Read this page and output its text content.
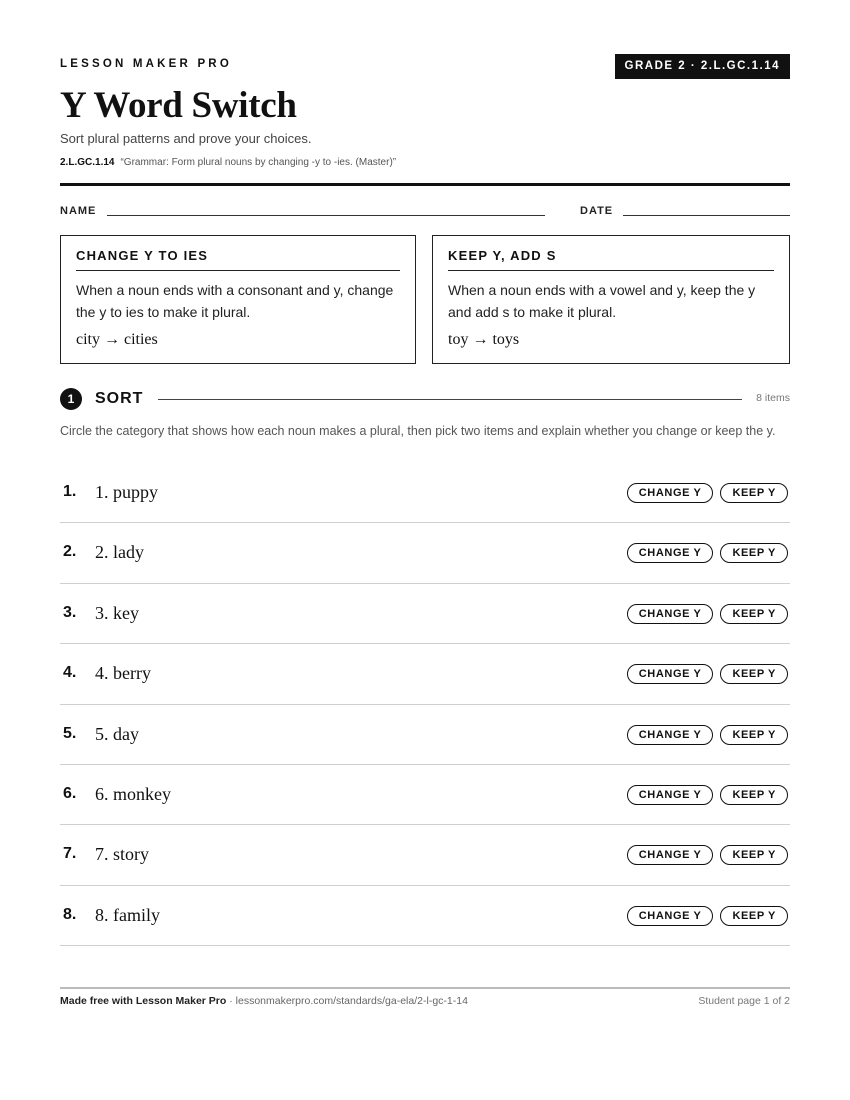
LESSON MAKER PRO	GRADE 2 · 2.L.GC.1.14
Y Word Switch
Sort plural patterns and prove your choices.
2.L.GC.1.14 “Grammar: Form plural nouns by changing -y to -ies. (Master)”
NAME	DATE
CHANGE Y TO IES
When a noun ends with a consonant and y, change the y to ies to make it plural.
city → cities
KEEP Y, ADD S
When a noun ends with a vowel and y, keep the y and add s to make it plural.
toy → toys
1	SORT	8 items
Circle the category that shows how each noun makes a plural, then pick two items and explain whether you change or keep the y.
1. 1. puppy	CHANGE Y	KEEP Y
2. 2. lady	CHANGE Y	KEEP Y
3. 3. key	CHANGE Y	KEEP Y
4. 4. berry	CHANGE Y	KEEP Y
5. 5. day	CHANGE Y	KEEP Y
6. 6. monkey	CHANGE Y	KEEP Y
7. 7. story	CHANGE Y	KEEP Y
8. 8. family	CHANGE Y	KEEP Y
Made free with Lesson Maker Pro · lessonmakerpro.com/standards/ga-ela/2-l-gc-1-14	Student page 1 of 2
